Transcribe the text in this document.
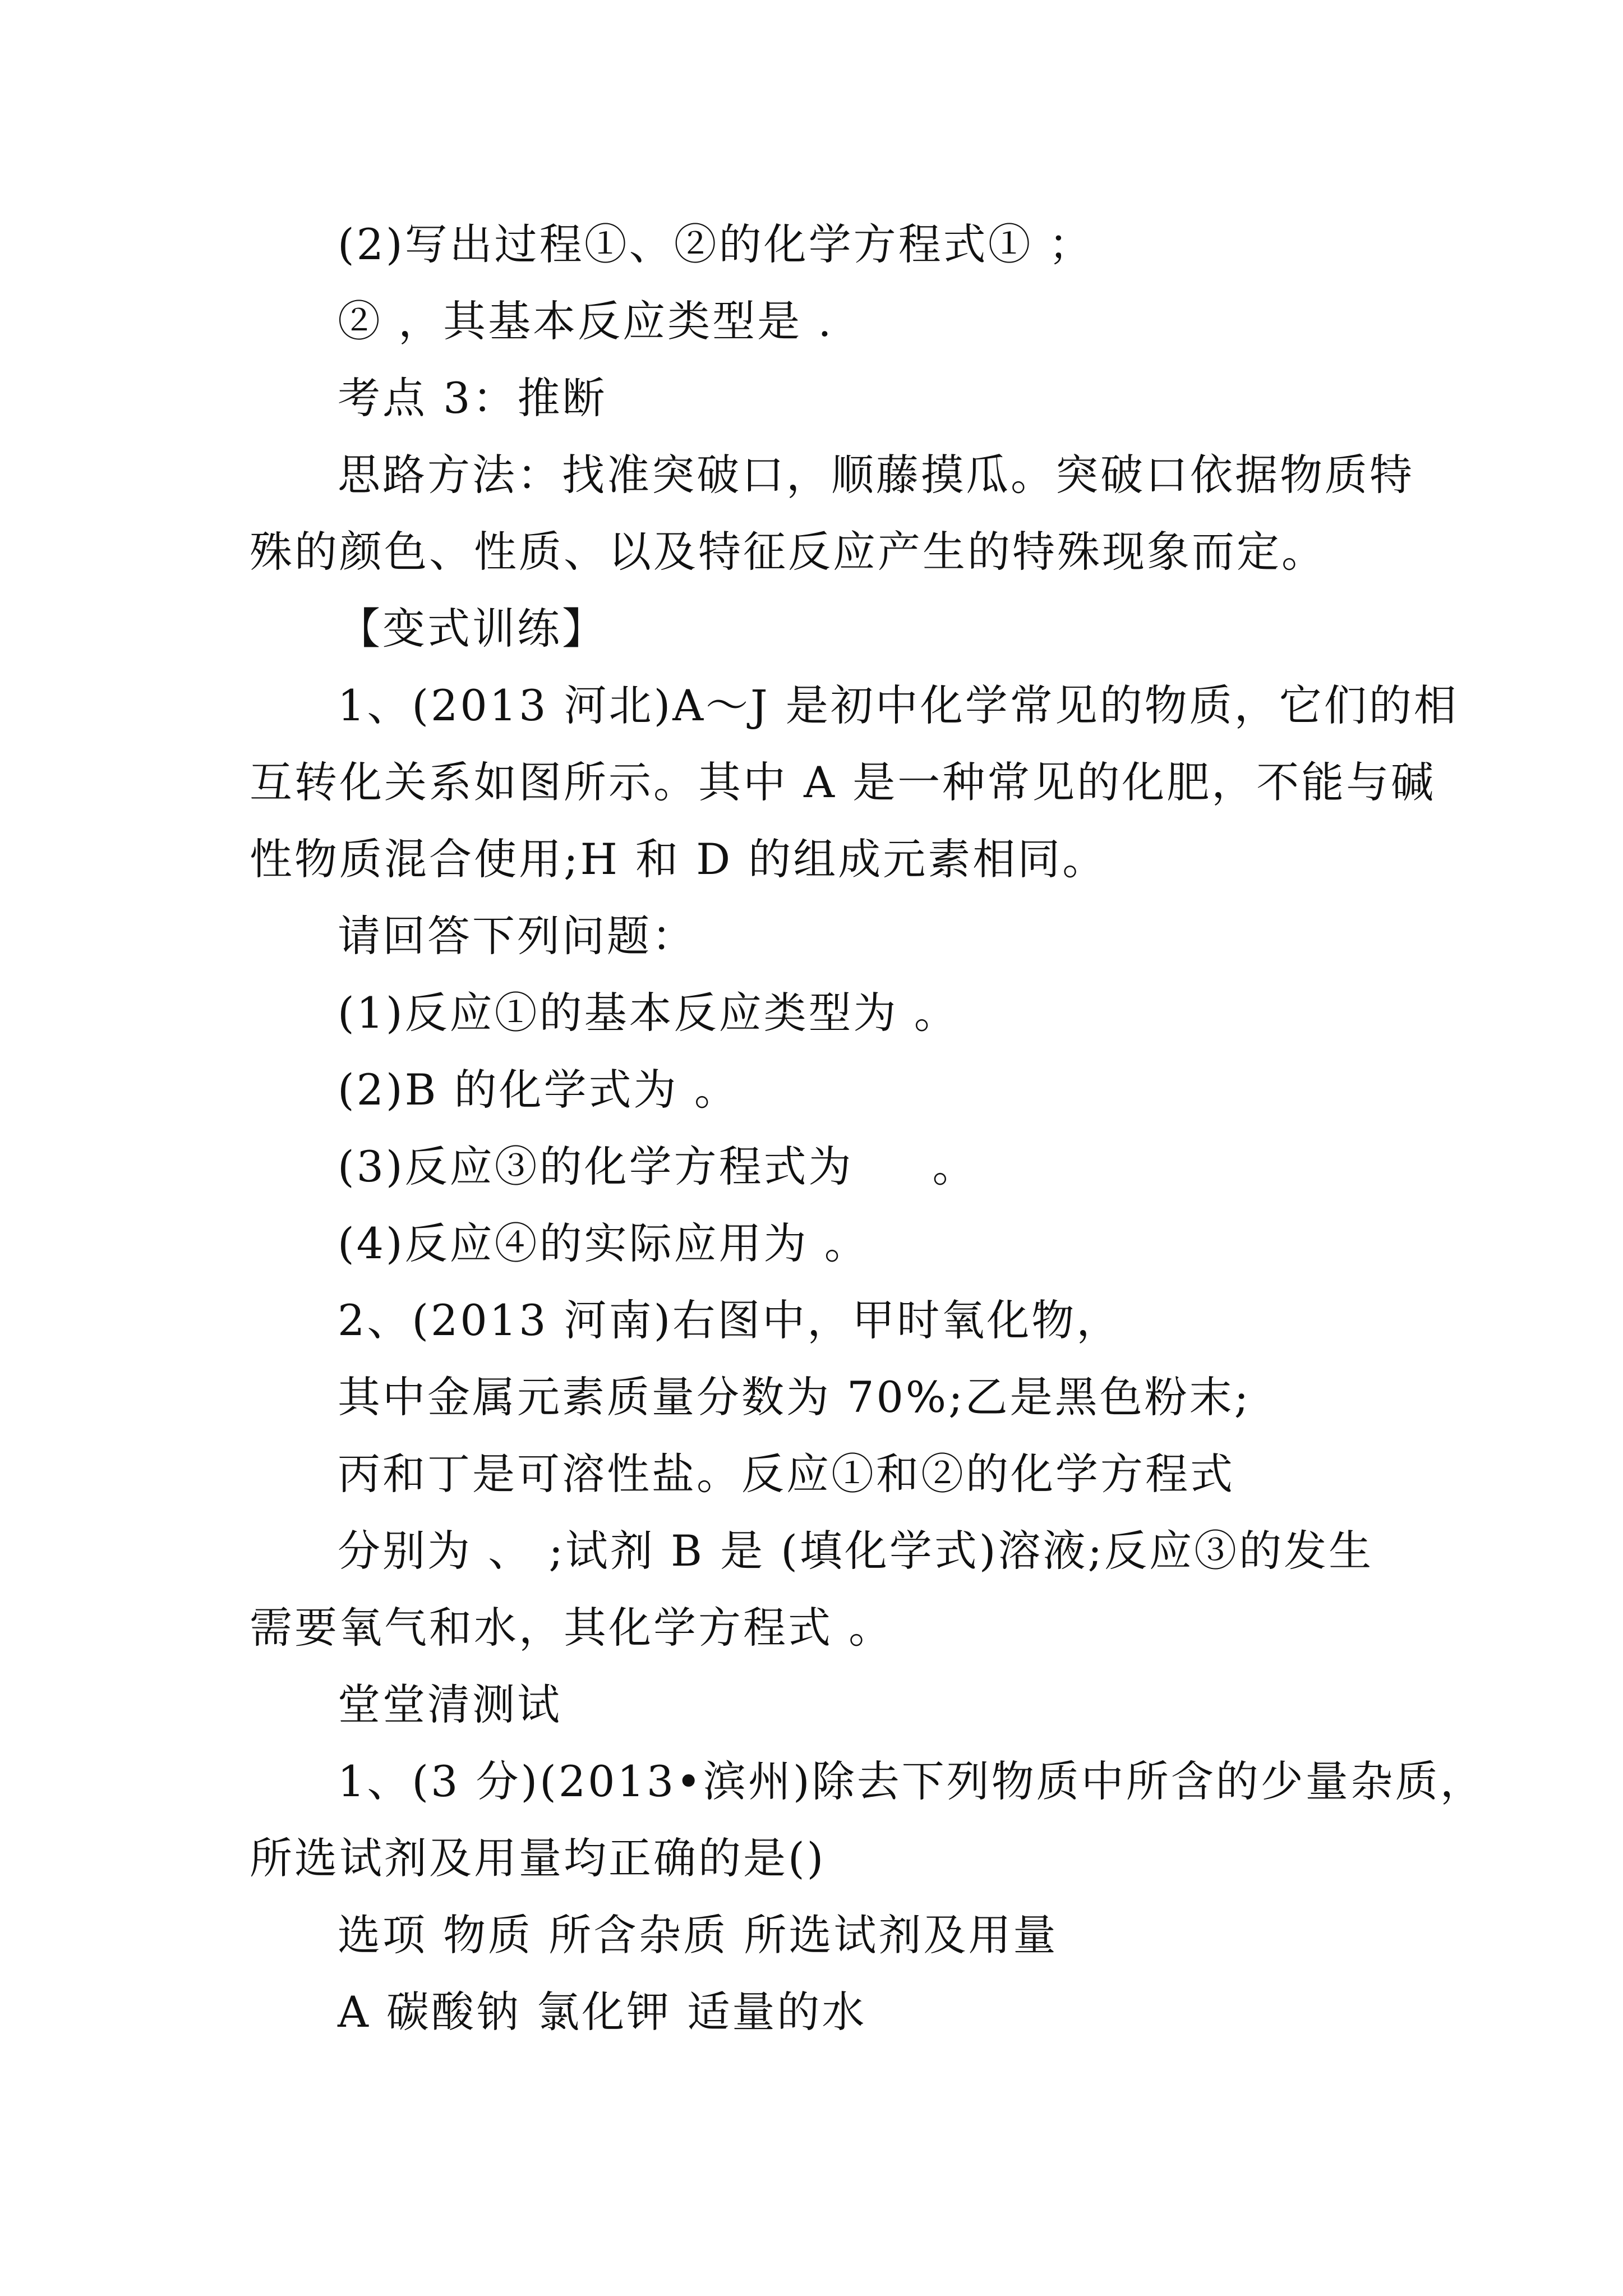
(2)写出过程①、②的化学方程式① ；
② ，其基本反应类型是 .
考点 3：推断
思路方法：找准突破口，顺藤摸瓜。突破口依据物质特
殊的颜色、性质、以及特征反应产生的特殊现象而定。
【变式训练】
1、(2013 河北)A～J 是初中化学常见的物质，它们的相
互转化关系如图所示。其中 A 是一种常见的化肥，不能与碱
性物质混合使用;H 和 D 的组成元素相同。
请回答下列问题：
(1)反应①的基本反应类型为 。
(2)B 的化学式为 。
(3)反应③的化学方程式为     。
(4)反应④的实际应用为 。
2、(2013 河南)右图中，甲时氧化物，
其中金属元素质量分数为 70%;乙是黑色粉末;
丙和丁是可溶性盐。反应①和②的化学方程式
分别为 、 ;试剂 B 是 (填化学式)溶液;反应③的发生
需要氧气和水，其化学方程式 。
堂堂清测试
1、(3 分)(2013•滨州)除去下列物质中所含的少量杂质，
所选试剂及用量均正确的是()
选项 物质 所含杂质 所选试剂及用量
A 碳酸钠 氯化钾 适量的水
